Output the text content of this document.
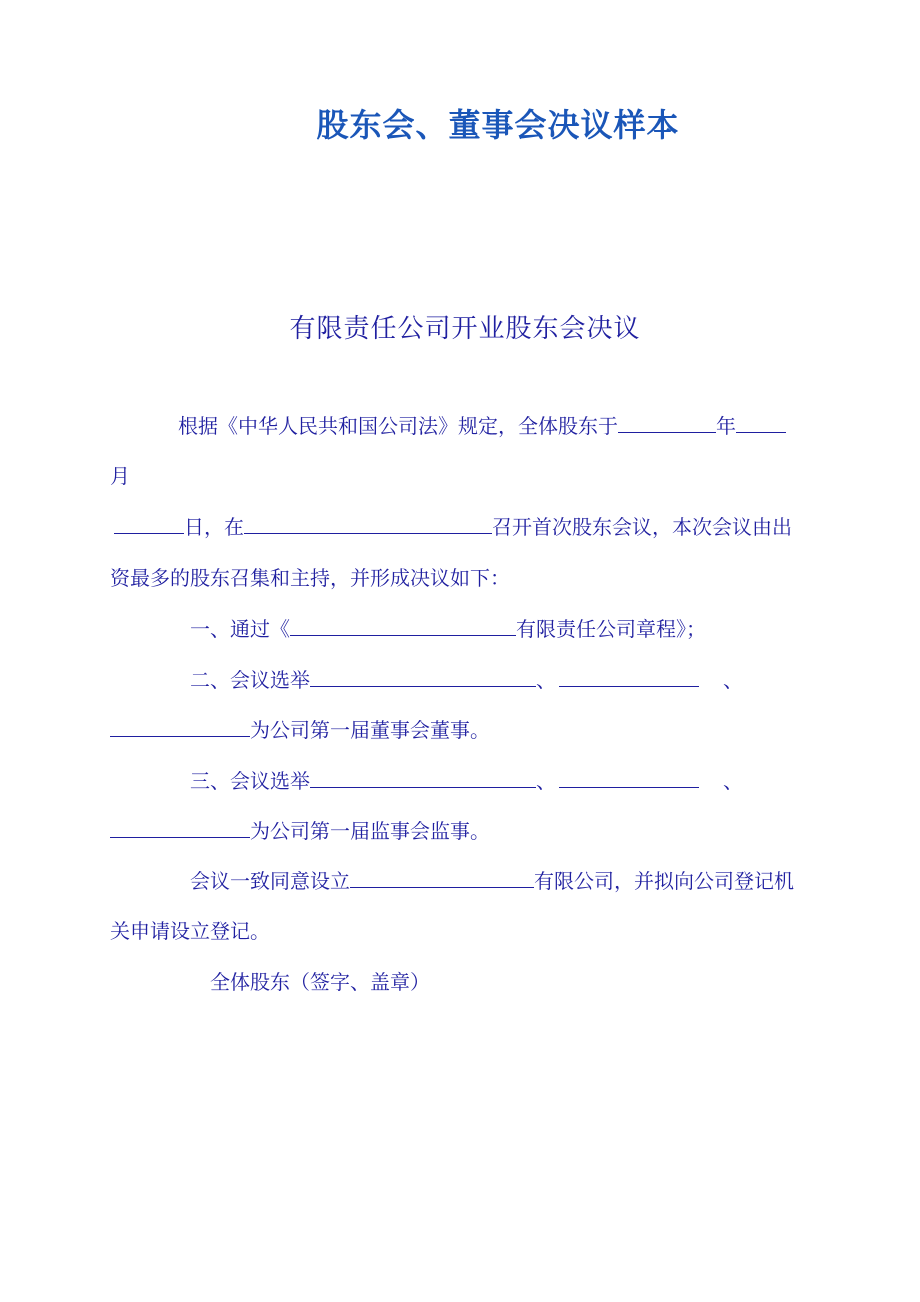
股东会、董事会决议样本
有限责任公司开业股东会决议
根据《中华人民共和国公司法》规定，全体股东于	年
月
日，在	召开首次股东会议，本次会议由出
资最多的股东召集和主持，并形成决议如下：
一、通过《	有限责任公司章程》；
二、会议选举	、	、
为公司第一届董事会董事。
三、会议选举	、	、
为公司第一届监事会监事。
会议一致同意设立	有限公司，并拟向公司登记机
关申请设立登记。
全体股东（签字、盖章）
